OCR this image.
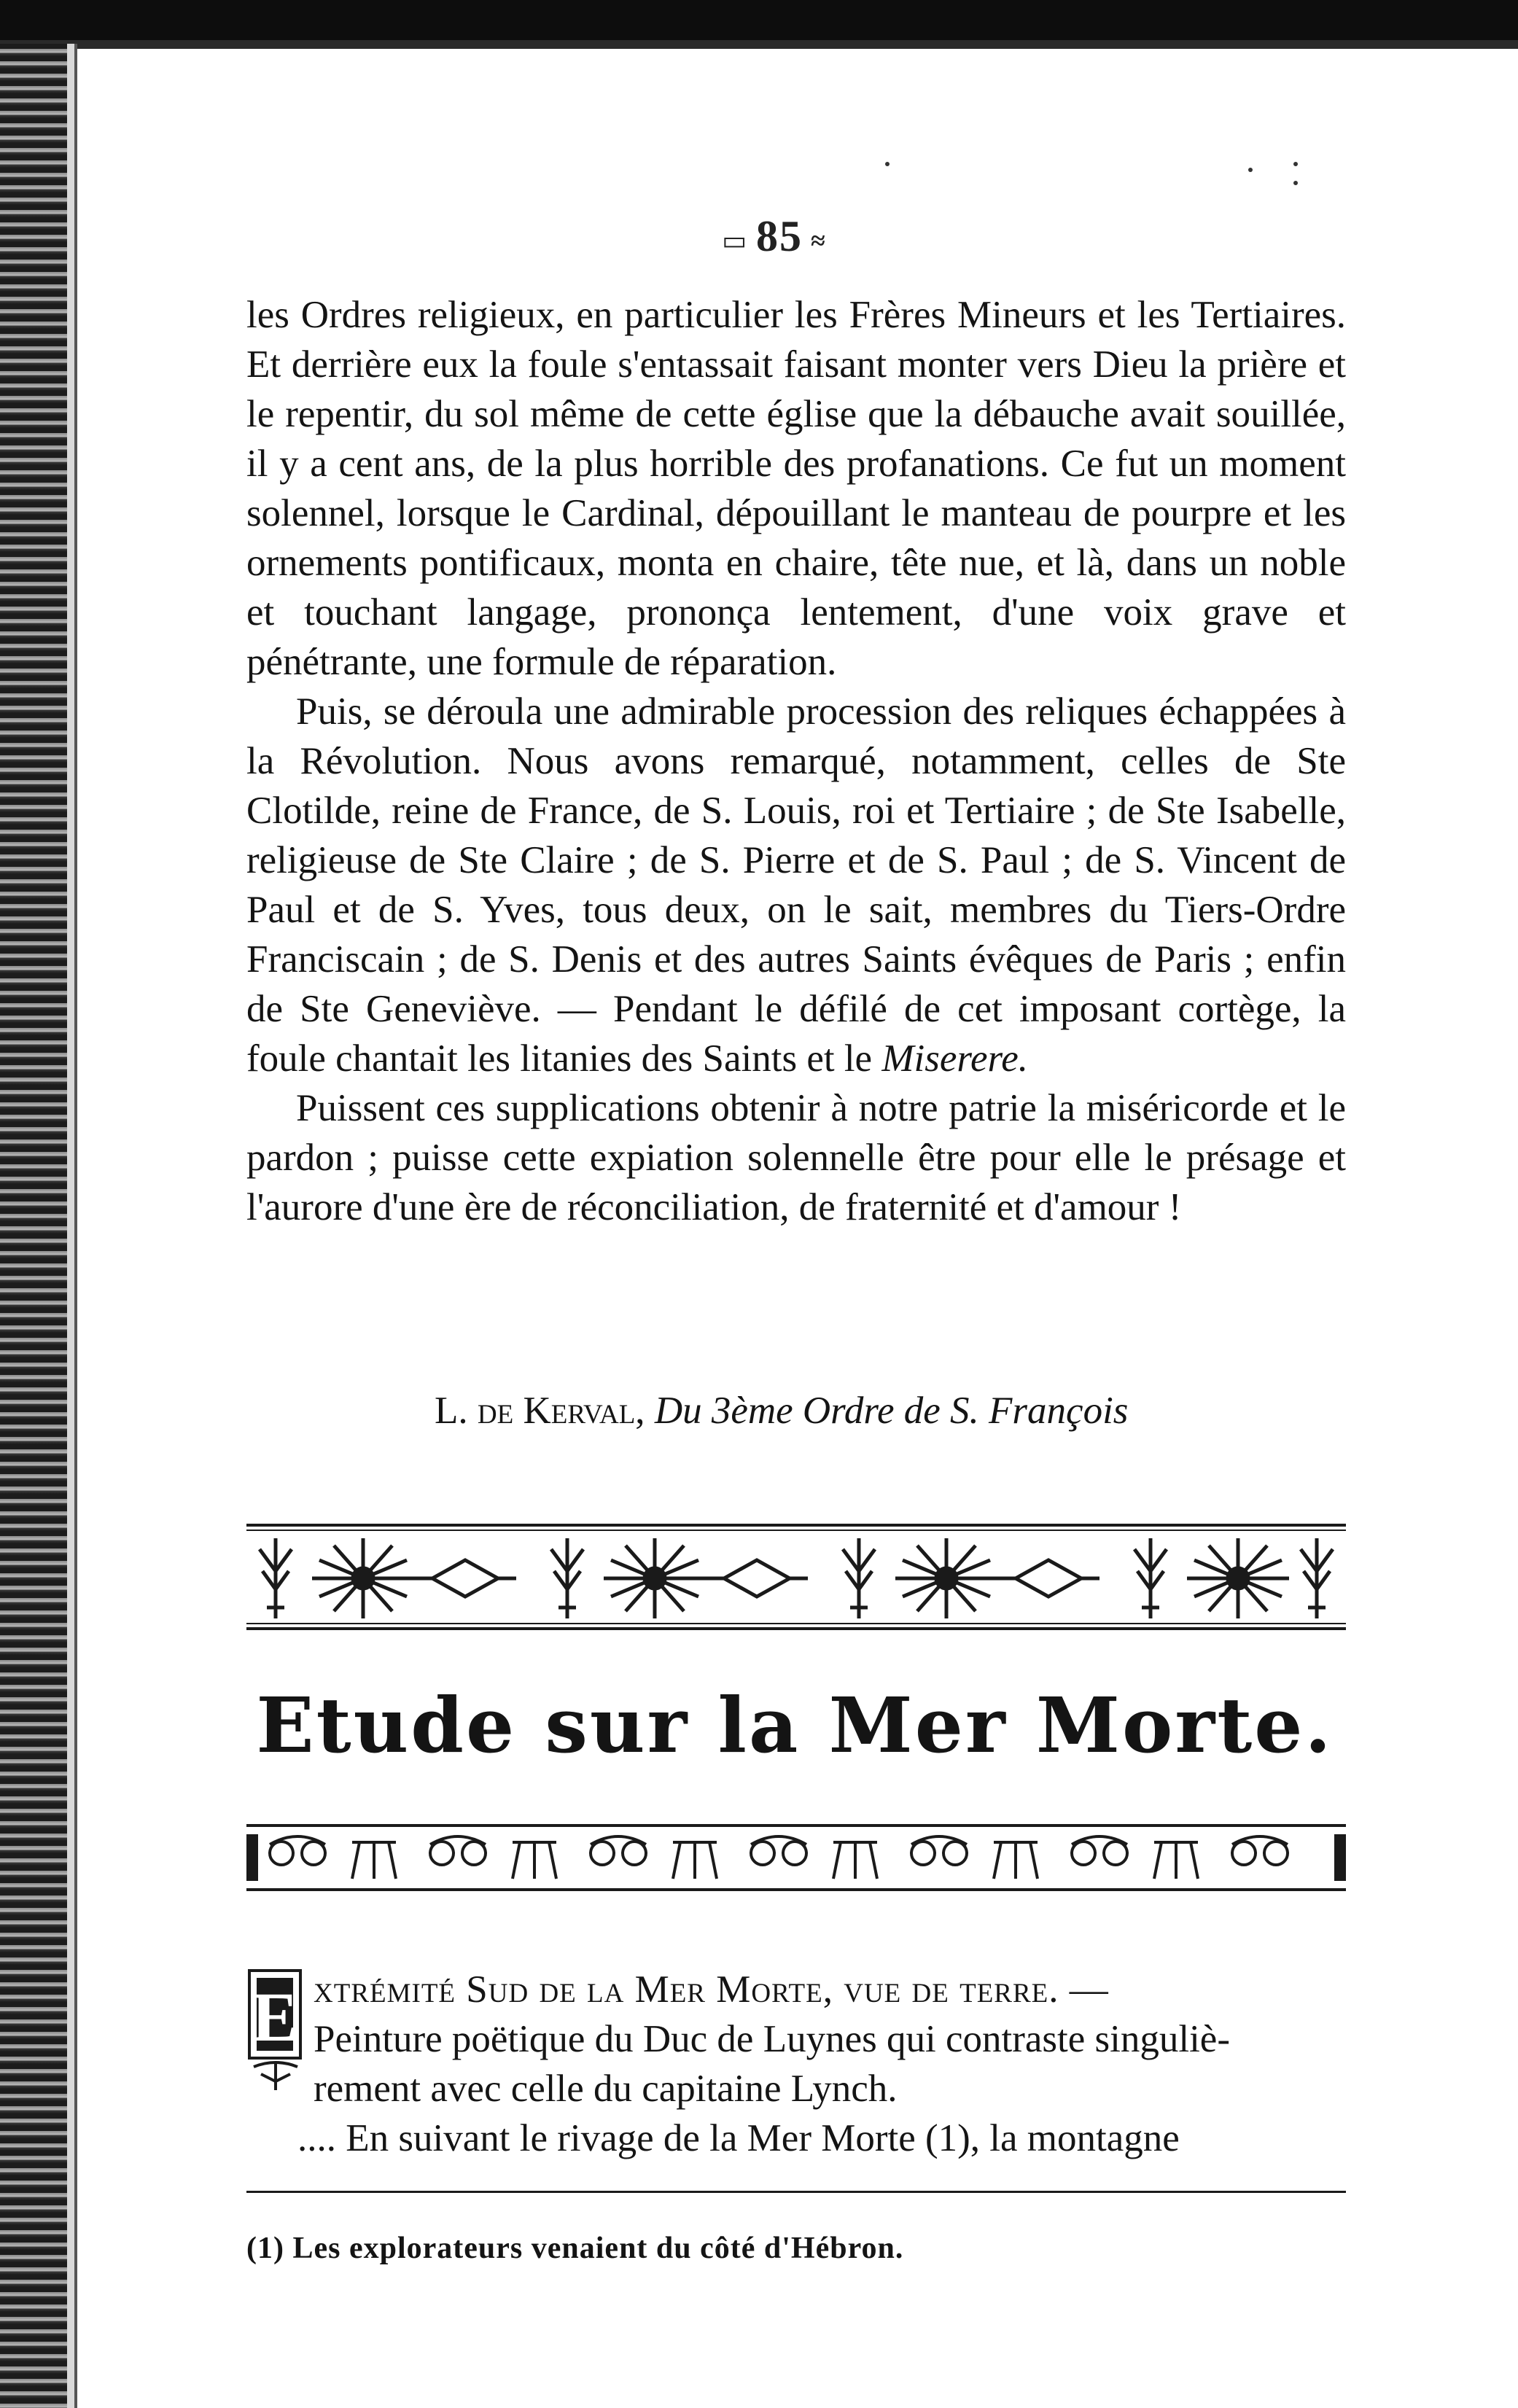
▭ 85 ≈

les Ordres religieux, en particulier les Frères Mineurs et les Tertiaires. Et derrière eux la foule s'entassait faisant monter vers Dieu la prière et le repentir, du sol même de cette église que la débauche avait souillée, il y a cent ans, de la plus horrible des profanations. Ce fut un moment solennel, lorsque le Cardinal, dépouillant le manteau de pourpre et les ornements pontificaux, monta en chaire, tête nue, et là, dans un noble et touchant langage, prononça lentement, d'une voix grave et pénétrante, une formule de réparation.

Puis, se déroula une admirable procession des reliques échappées à la Révolution. Nous avons remarqué, notamment, celles de Ste Clotilde, reine de France, de S. Louis, roi et Tertiaire ; de Ste Isabelle, religieuse de Ste Claire ; de S. Pierre et de S. Paul ; de S. Vincent de Paul et de S. Yves, tous deux, on le sait, membres du Tiers-Ordre Franciscain ; de S. Denis et des autres Saints évêques de Paris ; enfin de Ste Geneviève. — Pendant le défilé de cet imposant cortège, la foule chantait les litanies des Saints et le Miserere.

Puissent ces supplications obtenir à notre patrie la miséricorde et le pardon ; puisse cette expiation solennelle être pour elle le présage et l'aurore d'une ère de réconciliation, de fraternité et d'amour !

L. de Kerval, Du 3ème Ordre de S. François
Etude sur la Mer Morte.
E xtrémité Sud de la Mer Morte, vue de terre. —
Peinture poëtique du Duc de Luynes qui contraste singuliè-
rement avec celle du capitaine Lynch.
.... En suivant le rivage de la Mer Morte (1), la montagne
(1) Les explorateurs venaient du côté d'Hébron.
